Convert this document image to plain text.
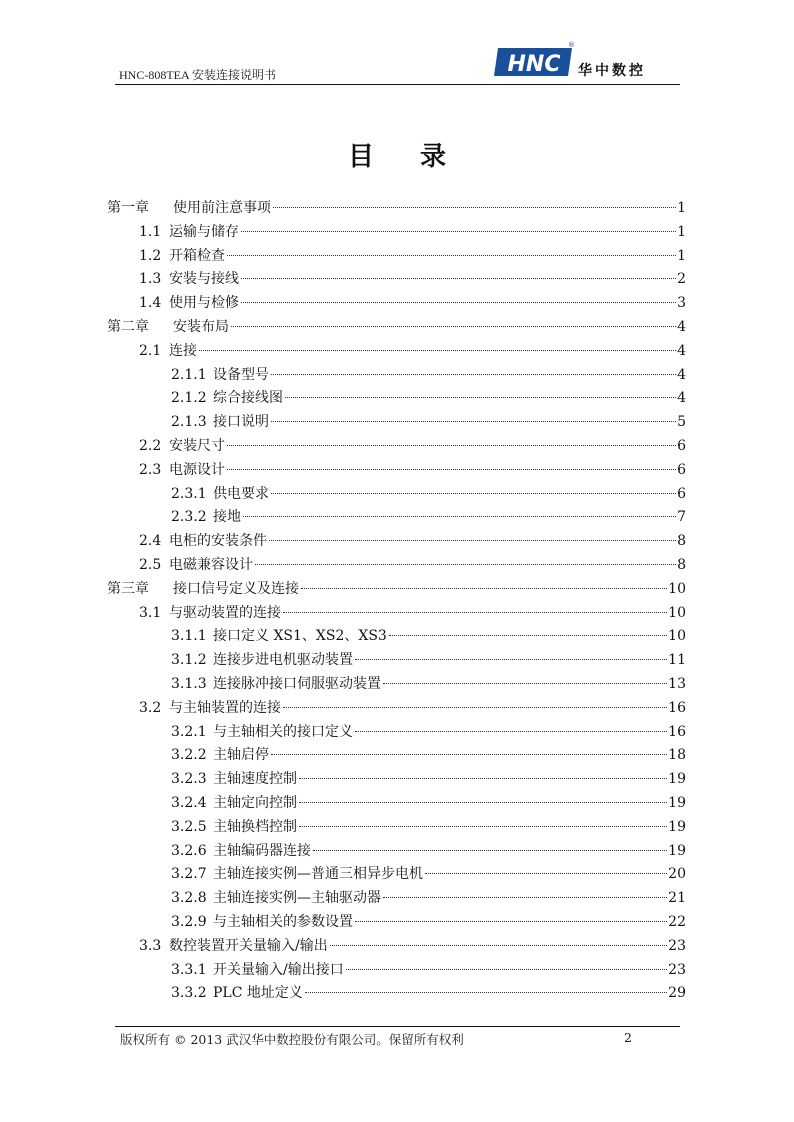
HNC-808TEA 安装连接说明书	HNC
®
华中数控
目录
第一章	使用前注意事项	1
1.1 运输与储存	1
1.2 开箱检查	1
1.3 安装与接线	2
1.4 使用与检修	3
第二章	安装布局	4
2.1 连接	4
2.1.1 设备型号	4
2.1.2 综合接线图	4
2.1.3 接口说明	5
2.2 安装尺寸	6
2.3 电源设计	6
2.3.1 供电要求	6
2.3.2 接地	7
2.4 电柜的安装条件	8
2.5 电磁兼容设计	8
第三章	接口信号定义及连接	10
3.1 与驱动装置的连接	10
3.1.1 接口定义 XS1、XS2、XS3	10
3.1.2 连接步进电机驱动装置	11
3.1.3 连接脉冲接口伺服驱动装置	13
3.2 与主轴装置的连接	16
3.2.1 与主轴相关的接口定义	16
3.2.2 主轴启停	18
3.2.3 主轴速度控制	19
3.2.4 主轴定向控制	19
3.2.5 主轴换档控制	19
3.2.6 主轴编码器连接	19
3.2.7 主轴连接实例—普通三相异步电机	20
3.2.8 主轴连接实例—主轴驱动器	21
3.2.9 与主轴相关的参数设置	22
3.3 数控装置开关量输入/输出	23
3.3.1 开关量输入/输出接口	23
3.3.2 PLC 地址定义	29
版权所有 © 2013 武汉华中数控股份有限公司。保留所有权利	2
